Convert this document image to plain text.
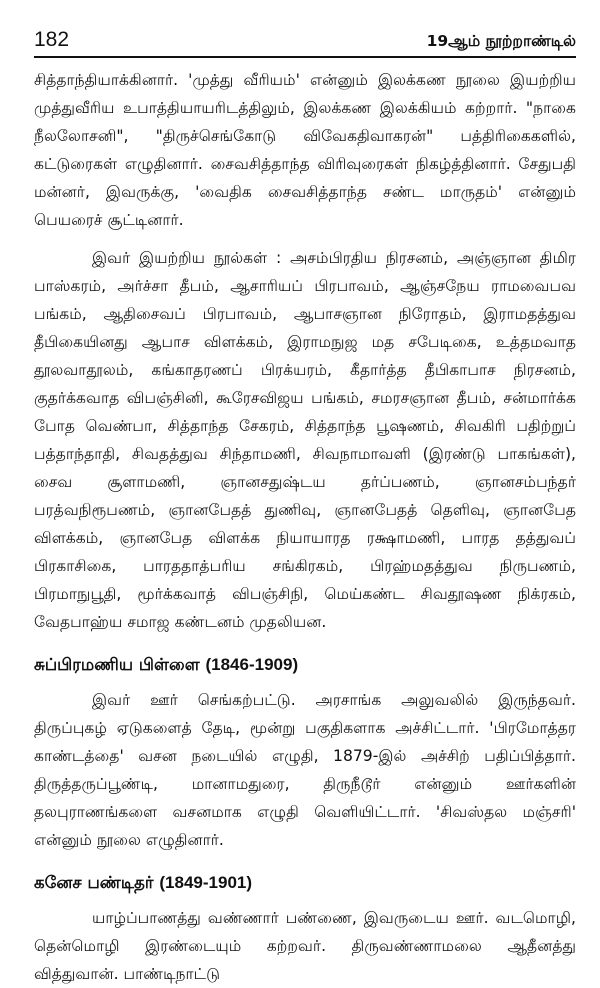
182	19ஆம் நூற்றாண்டில்

சித்தாந்தியாக்கினார். 'முத்து வீரியம்' என்னும் இலக்கண நூலை இயற்றிய முத்துவீரிய உபாத்தியாயரிடத்திலும், இலக்கண இலக்கியம் கற்றார். "நாகை நீலலோசனி", "திருச்செங்கோடு விவேகதிவாகரன்" பத்திரிகைகளில், கட்டுரைகள் எழுதினார். சைவசித்தாந்த விரிவுரைகள் நிகழ்த்தினார். சேதுபதி மன்னர், இவருக்கு, 'வைதிக சைவசித்தாந்த சண்ட மாருதம்' என்னும் பெயரைச் சூட்டினார்.

இவர் இயற்றிய நூல்கள் : அசம்பிரதிய நிரசனம், அஞ்ஞான திமிர பாஸ்கரம், அர்ச்சா தீபம், ஆசாரியப் பிரபாவம், ஆஞ்சநேய ராமவைபவ பங்கம், ஆதிசைவப் பிரபாவம், ஆபாசஞான நிரோதம், இராமதத்துவ தீபிகையினது ஆபாச விளக்கம், இராமநுஜ மத சபேடிகை, உத்தமவாத தூலவாதூலம், கங்காதரணப் பிரக்யரம், கீதார்த்த தீபிகாபாச நிரசனம், குதர்க்கவாத விபஞ்சினி, கூரேசவிஜய பங்கம், சமரசஞான தீபம், சன்மார்க்க போத வெண்பா, சித்தாந்த சேகரம், சித்தாந்த பூஷணம், சிவகிரி பதிற்றுப் பத்தாந்தாதி, சிவதத்துவ சிந்தாமணி, சிவநாமாவளி (இரண்டு பாகங்கள்), சைவ சூளாமணி, ஞானசதுஷ்டய தர்ப்பணம், ஞானசம்பந்தர் பரத்வநிரூபணம், ஞானபேதத் துணிவு, ஞானபேதத் தெளிவு, ஞானபேத விளக்கம், ஞானபேத விளக்க நியாயாரத ரக்ஷாமணி, பாரத தத்துவப் பிரகாசிகை, பாரததாத்பரிய சங்கிரகம், பிரஹ்மதத்துவ நிருபணம், பிரமாநுபூதி, மூர்க்கவாத் விபஞ்சிநி, மெய்கண்ட சிவதூஷண நிக்ரகம், வேதபாஹ்ய சமாஜ கண்டனம் முதலியன.

சுப்பிரமணிய பிள்ளை (1846-1909)

இவர் ஊர் செங்கற்பட்டு. அரசாங்க அலுவலில் இருந்தவர். திருப்புகழ் ஏடுகளைத் தேடி, மூன்று பகுதிகளாக அச்சிட்டார். 'பிரமோத்தர காண்டத்தை' வசன நடையில் எழுதி, 1879-இல் அச்சிற் பதிப்பித்தார். திருத்தருப்பூண்டி, மானாமதுரை, திருநீடூர் என்னும் ஊர்களின் தலபுராணங்களை வசனமாக எழுதி வெளியிட்டார். 'சிவஸ்தல மஞ்சரி' என்னும் நூலை எழுதினார்.

கனேச பண்டிதர் (1849-1901)

யாழ்ப்பாணத்து வண்ணார் பண்ணை, இவருடைய ஊர். வடமொழி, தென்மொழி இரண்டையும் கற்றவர். திருவண்ணாமலை ஆதீனத்து வித்துவான். பாண்டிநாட்டு
